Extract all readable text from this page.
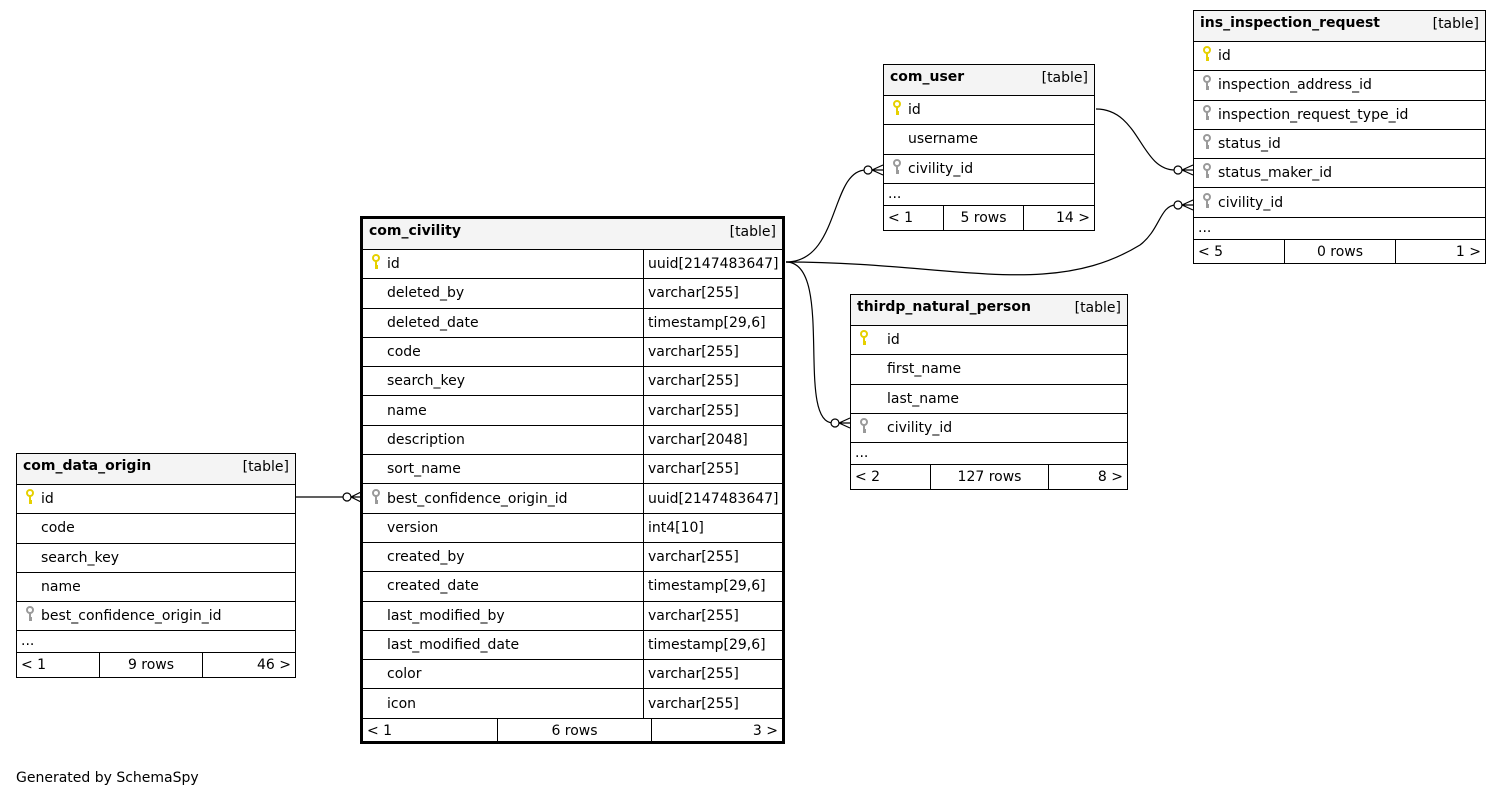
com_civility	[table]
id	uuid[2147483647]
deleted_by	varchar[255]
deleted_date	timestamp[29,6]
code	varchar[255]
search_key	varchar[255]
name	varchar[255]
description	varchar[2048]
sort_name	varchar[255]
best_confidence_origin_id	uuid[2147483647]
version	int4[10]
created_by	varchar[255]
created_date	timestamp[29,6]
last_modified_by	varchar[255]
last_modified_date	timestamp[29,6]
color	varchar[255]
icon	varchar[255]
< 1	6 rows	3 >
com_data_origin	[table]
id
code
search_key
name
best_confidence_origin_id
...
< 1	9 rows	46 >
com_user	[table]
id
username
civility_id
...
< 1	5 rows	14 >
thirdp_natural_person	[table]
id
first_name
last_name
civility_id
...
< 2	127 rows	8 >
ins_inspection_request	[table]
id
inspection_address_id
inspection_request_type_id
status_id
status_maker_id
civility_id
...
< 5	0 rows	1 >
Generated by SchemaSpy
